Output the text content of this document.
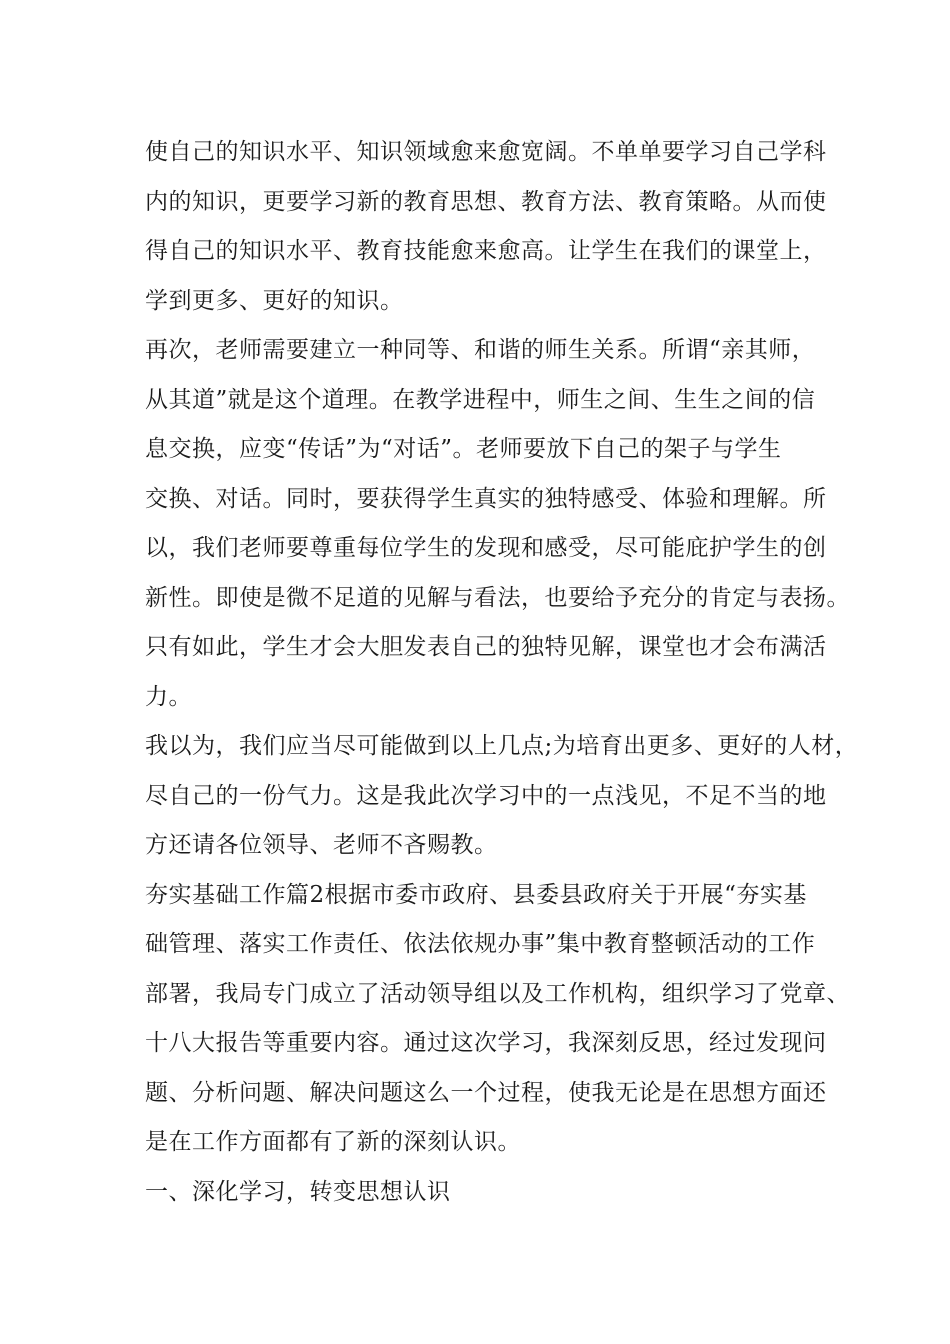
使自己的知识水平、知识领域愈来愈宽阔。不单单要学习自己学科
内的知识，更要学习新的教育思想、教育方法、教育策略。从而使
得自己的知识水平、教育技能愈来愈高。让学生在我们的课堂上，
学到更多、更好的知识。
再次，老师需要建立一种同等、和谐的师生关系。所谓“亲其师，
从其道”就是这个道理。在教学进程中，师生之间、生生之间的信
息交换，应变“传话”为“对话”。老师要放下自己的架子与学生
交换、对话。同时，要获得学生真实的独特感受、体验和理解。所
以，我们老师要尊重每位学生的发现和感受，尽可能庇护学生的创
新性。即使是微不足道的见解与看法，也要给予充分的肯定与表扬。
只有如此，学生才会大胆发表自己的独特见解，课堂也才会布满活
力。
我以为，我们应当尽可能做到以上几点;为培育出更多、更好的人材，
尽自己的一份气力。这是我此次学习中的一点浅见，不足不当的地
方还请各位领导、老师不吝赐教。
夯实基础工作篇2根据市委市政府、县委县政府关于开展“夯实基
础管理、落实工作责任、依法依规办事”集中教育整顿活动的工作
部署，我局专门成立了活动领导组以及工作机构，组织学习了党章、
十八大报告等重要内容。通过这次学习，我深刻反思，经过发现问
题、分析问题、解决问题这么一个过程，使我无论是在思想方面还
是在工作方面都有了新的深刻认识。
一、深化学习，转变思想认识
